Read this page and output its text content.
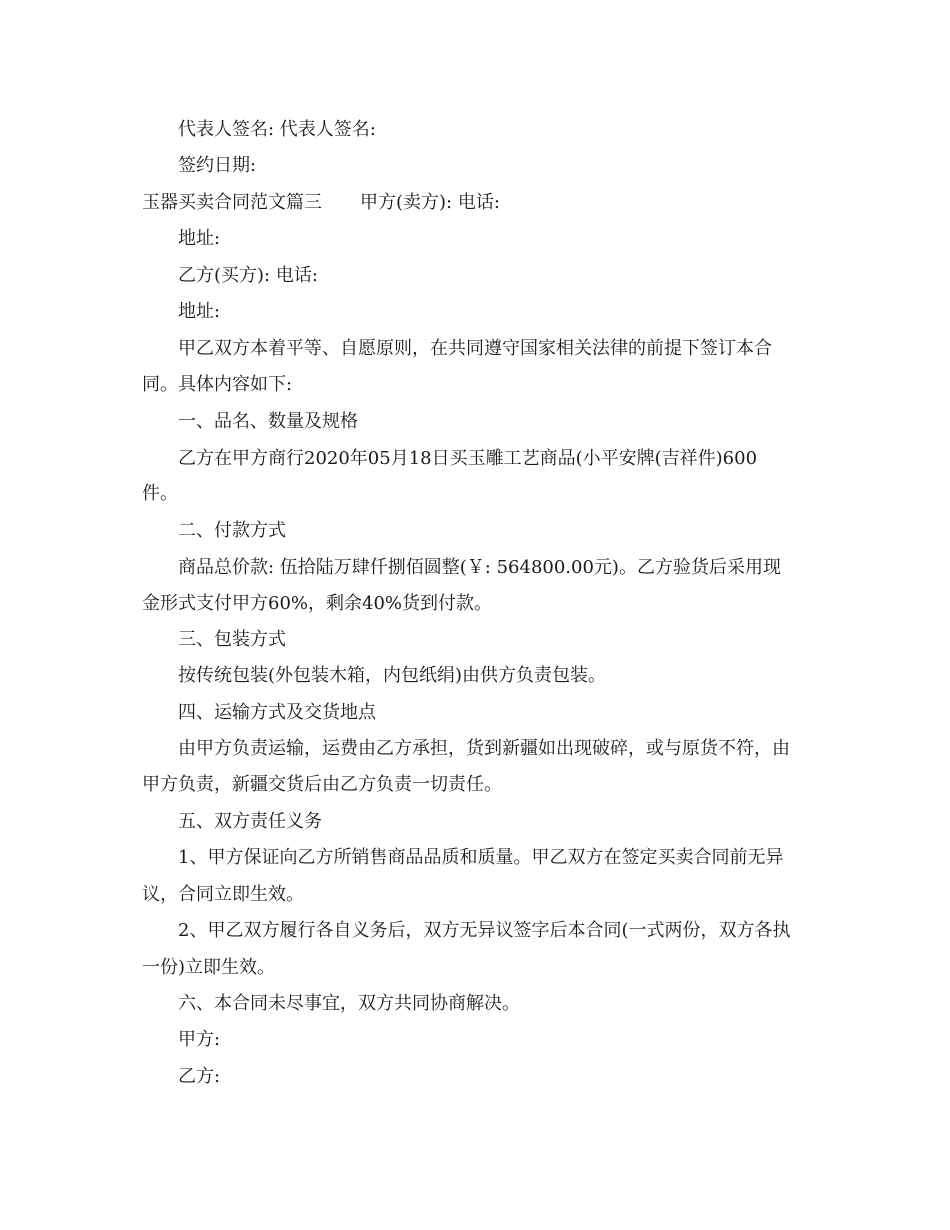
代表人签名: 代表人签名:
签约日期:
玉器买卖合同范文篇三 甲方(卖方): 电话:
地址:
乙方(买方): 电话:
地址:
甲乙双方本着平等、自愿原则，在共同遵守国家相关法律的前提下签订本合
同。具体内容如下:
一、品名、数量及规格
乙方在甲方商行2020年05月18日买玉雕工艺商品(小平安牌(吉祥件)600
件。
二、付款方式
商品总价款: 伍拾陆万肆仟捌佰圆整(￥: 564800.00元)。乙方验货后采用现
金形式支付甲方60%，剩余40%货到付款。
三、包装方式
按传统包装(外包装木箱，内包纸绢)由供方负责包装。
四、运输方式及交货地点
由甲方负责运输，运费由乙方承担，货到新疆如出现破碎，或与原货不符，由
甲方负责，新疆交货后由乙方负责一切责任。
五、双方责任义务
1、甲方保证向乙方所销售商品品质和质量。甲乙双方在签定买卖合同前无异
议，合同立即生效。
2、甲乙双方履行各自义务后，双方无异议签字后本合同(一式两份，双方各执
一份)立即生效。
六、本合同未尽事宜，双方共同协商解决。
甲方:
乙方:
